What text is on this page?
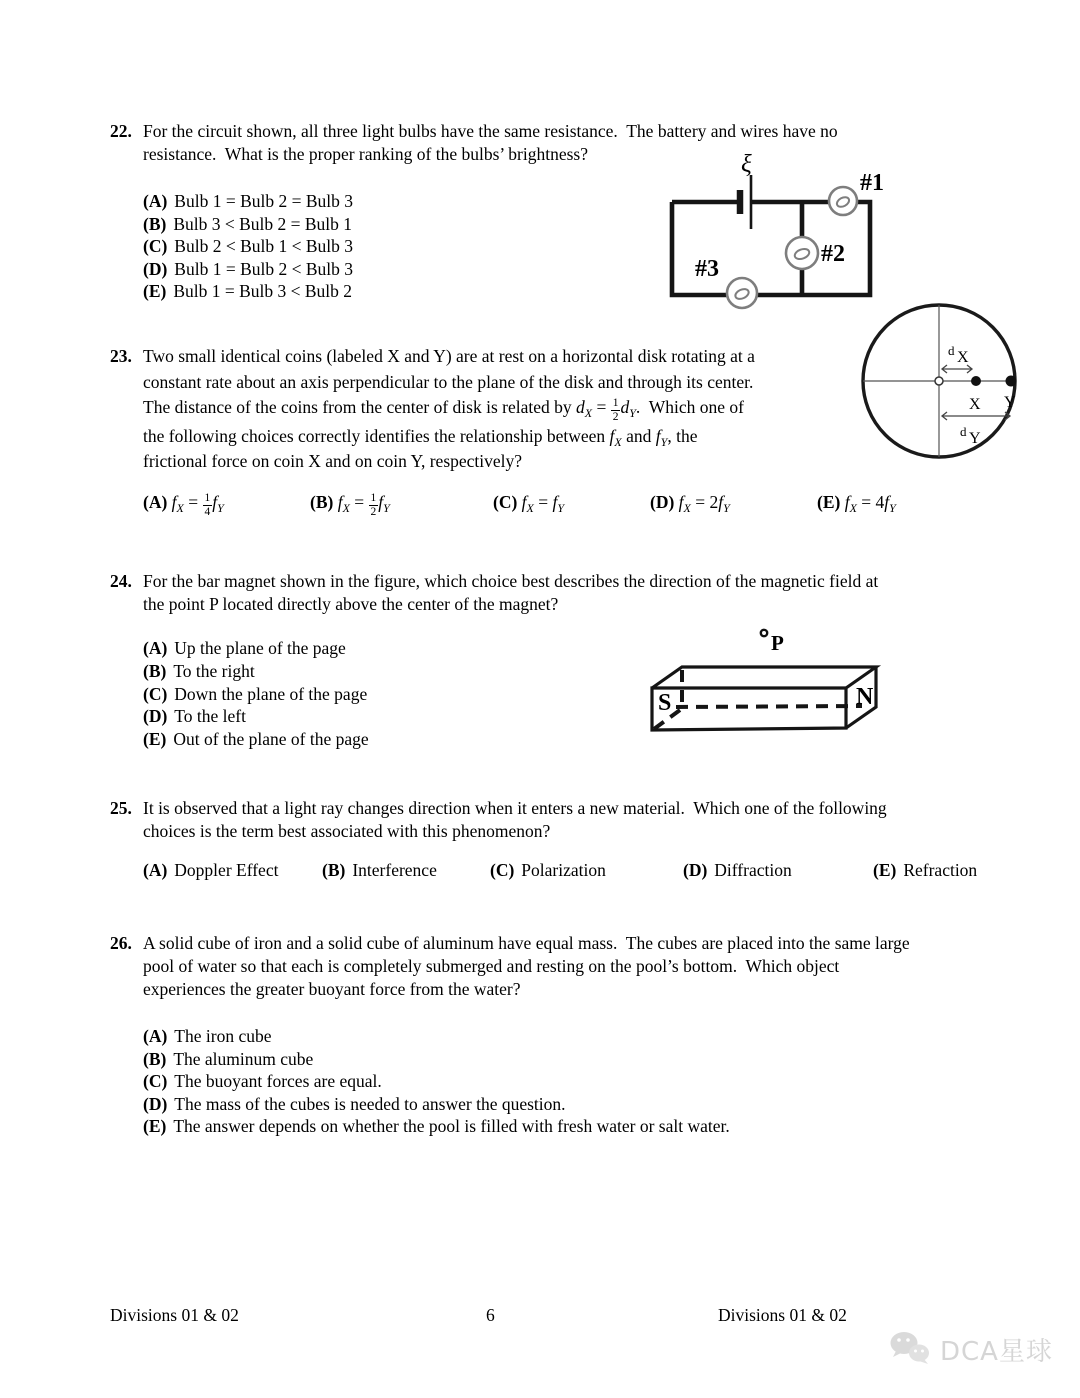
22. For the circuit shown, all three light bulbs have the same resistance.  The battery and wires have no
resistance.  What is the proper ranking of the bulbs’ brightness?
(A) Bulb 1 = Bulb 2 = Bulb 3
(B) Bulb 3 < Bulb 2 = Bulb 1
(C) Bulb 2 < Bulb 1 < Bulb 3
(D) Bulb 1 = Bulb 2 < Bulb 3
(E) Bulb 1 = Bulb 3 < Bulb 2
ξ
#1
#2
#3
23. Two small identical coins (labeled X and Y) are at rest on a horizontal disk rotating at a
constant rate about an axis perpendicular to the plane of the disk and through its center.
The distance of the coins from the center of disk is related by $d_X = \frac{1}{2} d_Y$.  Which one of
the following choices correctly identifies the relationship between $f_X$ and $f_Y$, the
frictional force on coin X and on coin Y, respectively?
(A) $f_X = \frac{1}{4} f_Y$	(B) $f_X = \frac{1}{2} f_Y$	(C) $f_X = f_Y$	(D) $f_X = 2f_Y$	(E) $f_X = 4f_Y$
d X
X Y
d Y
24. For the bar magnet shown in the figure, which choice best describes the direction of the magnetic field at
the point P located directly above the center of the magnet?
(A) Up the plane of the page
(B) To the right
(C) Down the plane of the page
(D) To the left
(E) Out of the plane of the page
P
S	N
25. It is observed that a light ray changes direction when it enters a new material.  Which one of the following
choices is the term best associated with this phenomenon?
(A) Doppler Effect (B) Interference	(C) Polarization	(D) Diffraction	(E) Refraction
26. A solid cube of iron and a solid cube of aluminum have equal mass.  The cubes are placed into the same large
pool of water so that each is completely submerged and resting on the pool’s bottom.  Which object
experiences the greater buoyant force from the water?
(A) The iron cube
(B) The aluminum cube
(C) The buoyant forces are equal.
(D) The mass of the cubes is needed to answer the question.
(E) The answer depends on whether the pool is filled with fresh water or salt water.
Divisions 01 & 02	6	Divisions 01 & 02
DCA星球
